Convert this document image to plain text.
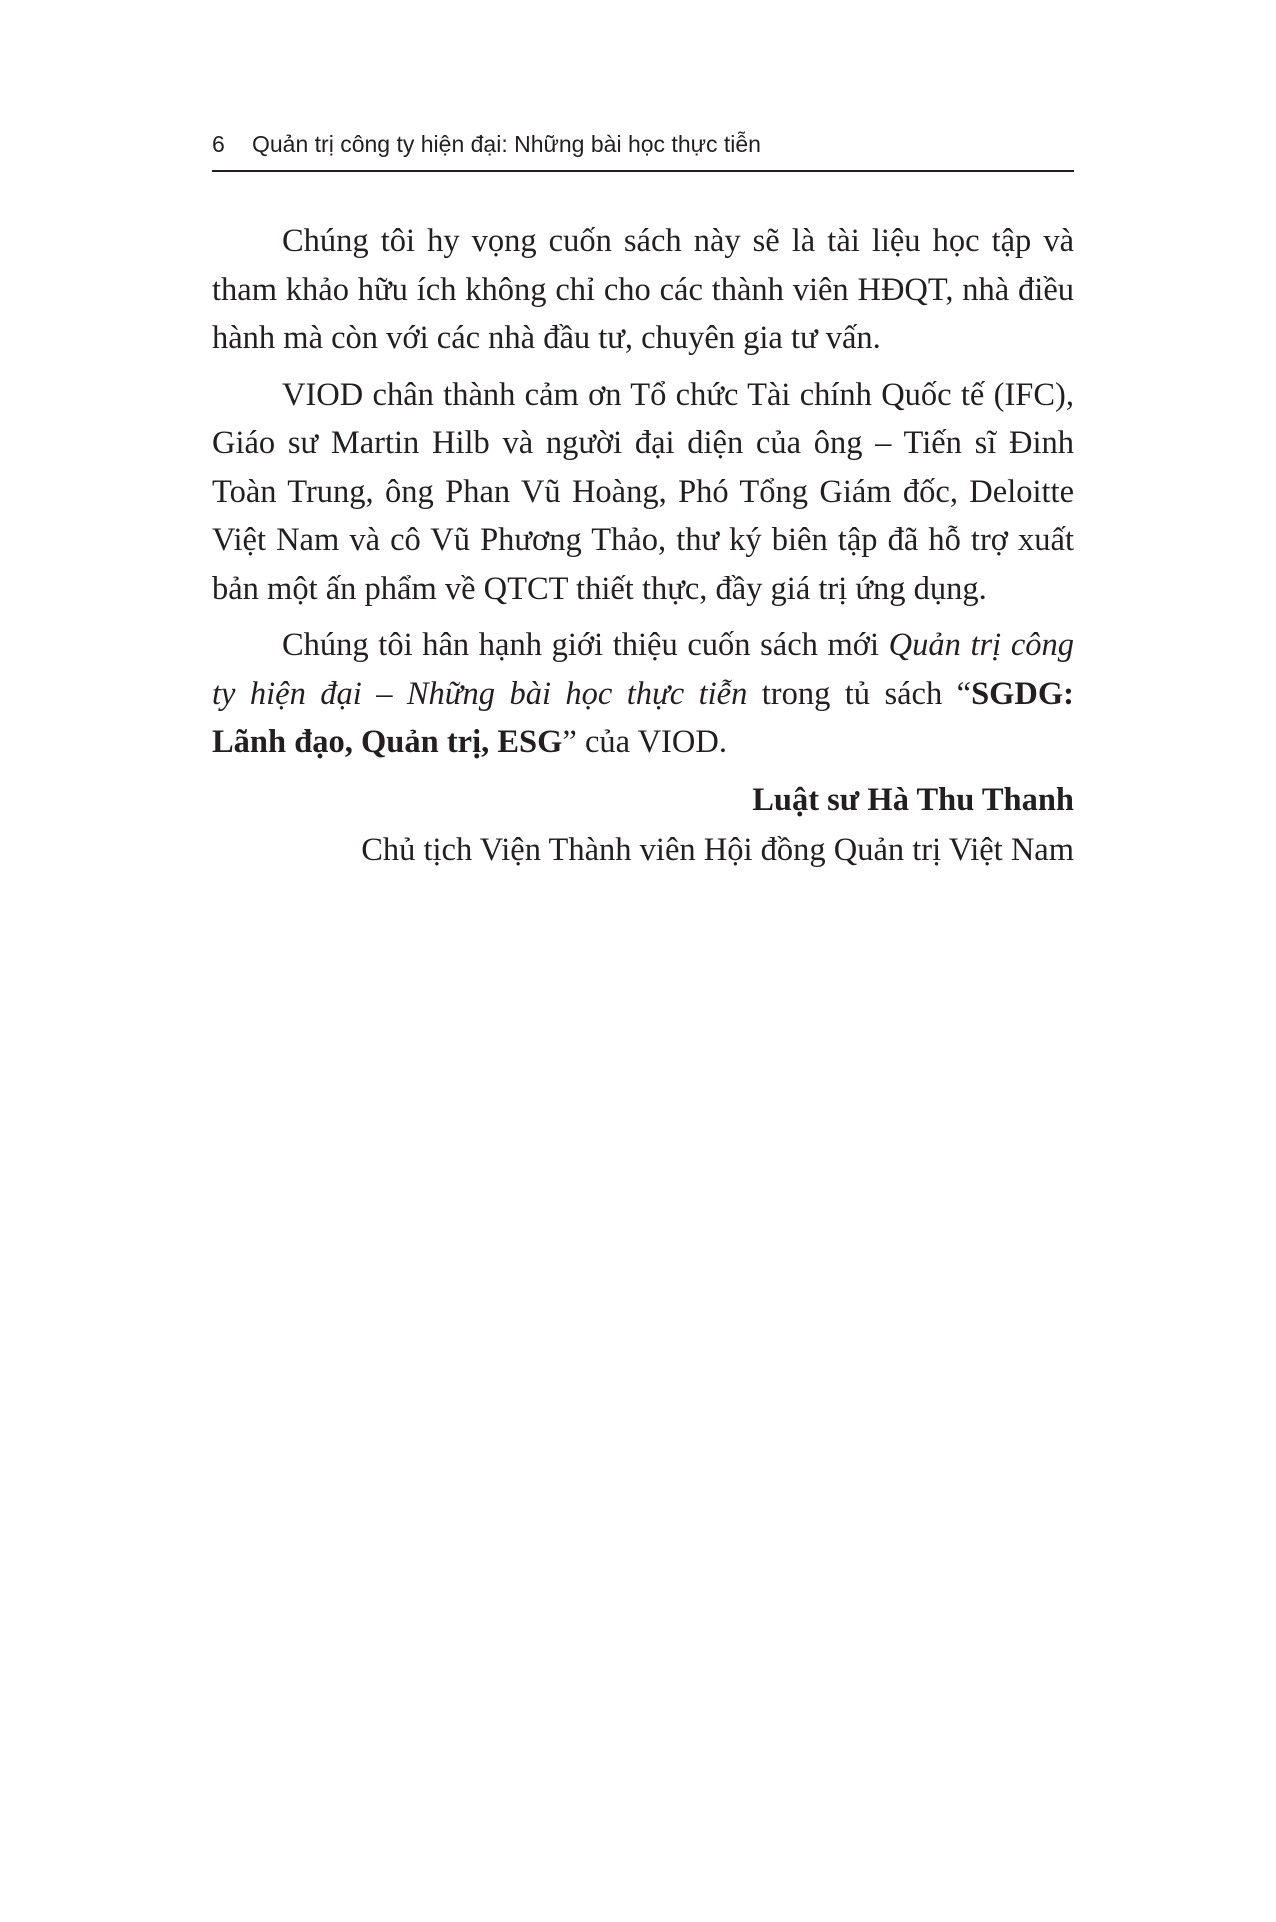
6 Quản trị công ty hiện đại: Những bài học thực tiễn

Chúng tôi hy vọng cuốn sách này sẽ là tài liệu học tập và tham khảo hữu ích không chỉ cho các thành viên HĐQT, nhà điều hành mà còn với các nhà đầu tư, chuyên gia tư vấn.

VIOD chân thành cảm ơn Tổ chức Tài chính Quốc tế (IFC), Giáo sư Martin Hilb và người đại diện của ông – Tiến sĩ Đinh Toàn Trung, ông Phan Vũ Hoàng, Phó Tổng Giám đốc, Deloitte Việt Nam và cô Vũ Phương Thảo, thư ký biên tập đã hỗ trợ xuất bản một ấn phẩm về QTCT thiết thực, đầy giá trị ứng dụng.

Chúng tôi hân hạnh giới thiệu cuốn sách mới Quản trị công ty hiện đại – Những bài học thực tiễn trong tủ sách “SGDG: Lãnh đạo, Quản trị, ESG” của VIOD.

Luật sư Hà Thu Thanh
Chủ tịch Viện Thành viên Hội đồng Quản trị Việt Nam
